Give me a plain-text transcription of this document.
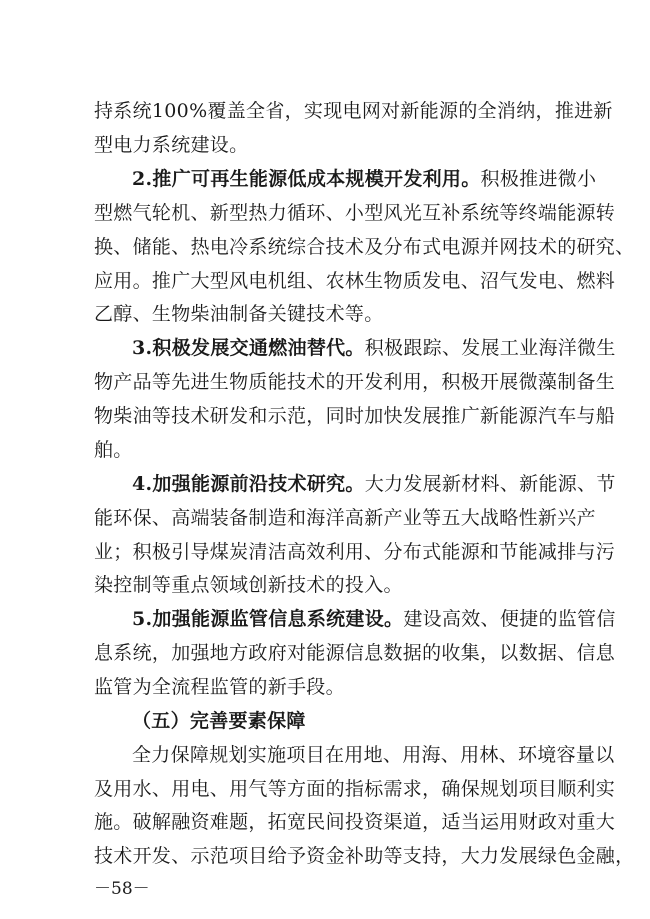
持系统100%覆盖全省，实现电网对新能源的全消纳，推进新
型电力系统建设。
2.推广可再生能源低成本规模开发利用。积极推进微小
型燃气轮机、新型热力循环、小型风光互补系统等终端能源转
换、储能、热电冷系统综合技术及分布式电源并网技术的研究、
应用。推广大型风电机组、农林生物质发电、沼气发电、燃料
乙醇、生物柴油制备关键技术等。
3.积极发展交通燃油替代。积极跟踪、发展工业海洋微生
物产品等先进生物质能技术的开发利用，积极开展微藻制备生
物柴油等技术研发和示范，同时加快发展推广新能源汽车与船
舶。
4.加强能源前沿技术研究。大力发展新材料、新能源、节
能环保、高端装备制造和海洋高新产业等五大战略性新兴产
业；积极引导煤炭清洁高效利用、分布式能源和节能减排与污
染控制等重点领域创新技术的投入。
5.加强能源监管信息系统建设。建设高效、便捷的监管信
息系统，加强地方政府对能源信息数据的收集，以数据、信息
监管为全流程监管的新手段。
（五）完善要素保障
全力保障规划实施项目在用地、用海、用林、环境容量以
及用水、用电、用气等方面的指标需求，确保规划项目顺利实
施。破解融资难题，拓宽民间投资渠道，适当运用财政对重大
技术开发、示范项目给予资金补助等支持，大力发展绿色金融，
－58－
